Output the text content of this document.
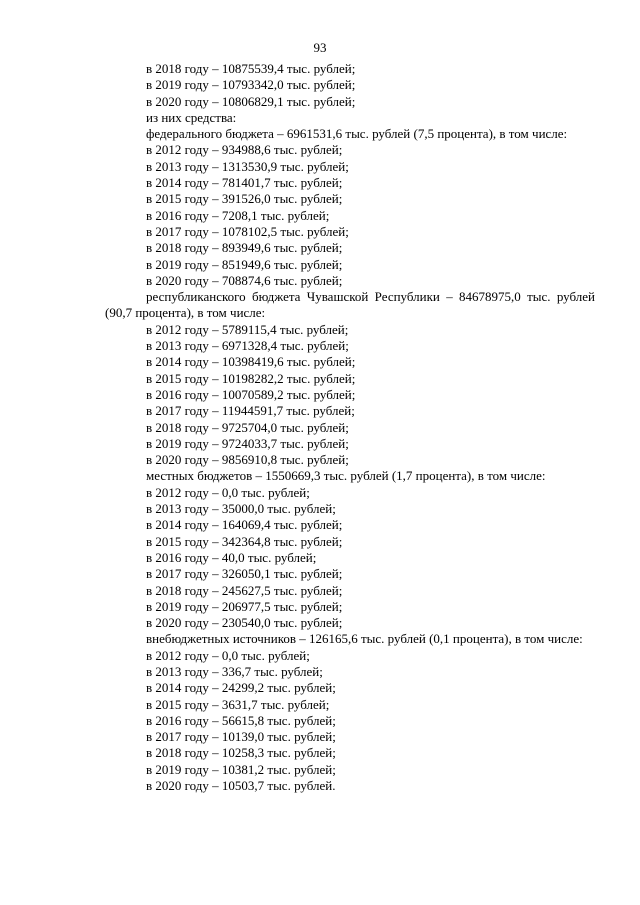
93
в 2018 году – 10875539,4 тыс. рублей;
в 2019 году – 10793342,0 тыс. рублей;
в 2020 году – 10806829,1 тыс. рублей;
из них средства:

федерального бюджета – 6961531,6 тыс. рублей (7,5 процента), в том числе:

в 2012 году – 934988,6 тыс. рублей;
в 2013 году – 1313530,9 тыс. рублей;
в 2014 году – 781401,7 тыс. рублей;
в 2015 году – 391526,0 тыс. рублей;
в 2016 году – 7208,1 тыс. рублей;
в 2017 году – 1078102,5 тыс. рублей;
в 2018 году – 893949,6 тыс. рублей;
в 2019 году – 851949,6 тыс. рублей;
в 2020 году – 708874,6 тыс. рублей;

республиканского бюджета Чувашской Республики – 84678975,0 тыс. рублей (90,7 процента), в том числе:

в 2012 году – 5789115,4 тыс. рублей;
в 2013 году – 6971328,4 тыс. рублей;
в 2014 году – 10398419,6 тыс. рублей;
в 2015 году – 10198282,2 тыс. рублей;
в 2016 году – 10070589,2 тыс. рублей;
в 2017 году – 11944591,7 тыс. рублей;
в 2018 году – 9725704,0 тыс. рублей;
в 2019 году – 9724033,7 тыс. рублей;
в 2020 году – 9856910,8 тыс. рублей;

местных бюджетов – 1550669,3 тыс. рублей (1,7 процента), в том числе:

в 2012 году – 0,0 тыс. рублей;
в 2013 году – 35000,0 тыс. рублей;
в 2014 году – 164069,4 тыс. рублей;
в 2015 году – 342364,8 тыс. рублей;
в 2016 году – 40,0 тыс. рублей;
в 2017 году – 326050,1 тыс. рублей;
в 2018 году – 245627,5 тыс. рублей;
в 2019 году – 206977,5 тыс. рублей;
в 2020 году – 230540,0 тыс. рублей;

внебюджетных источников – 126165,6 тыс. рублей (0,1 процента), в том числе:

в 2012 году – 0,0 тыс. рублей;
в 2013 году – 336,7 тыс. рублей;
в 2014 году – 24299,2 тыс. рублей;
в 2015 году – 3631,7 тыс. рублей;
в 2016 году – 56615,8 тыс. рублей;
в 2017 году – 10139,0 тыс. рублей;
в 2018 году – 10258,3 тыс. рублей;
в 2019 году – 10381,2 тыс. рублей;
в 2020 году – 10503,7 тыс. рублей.
